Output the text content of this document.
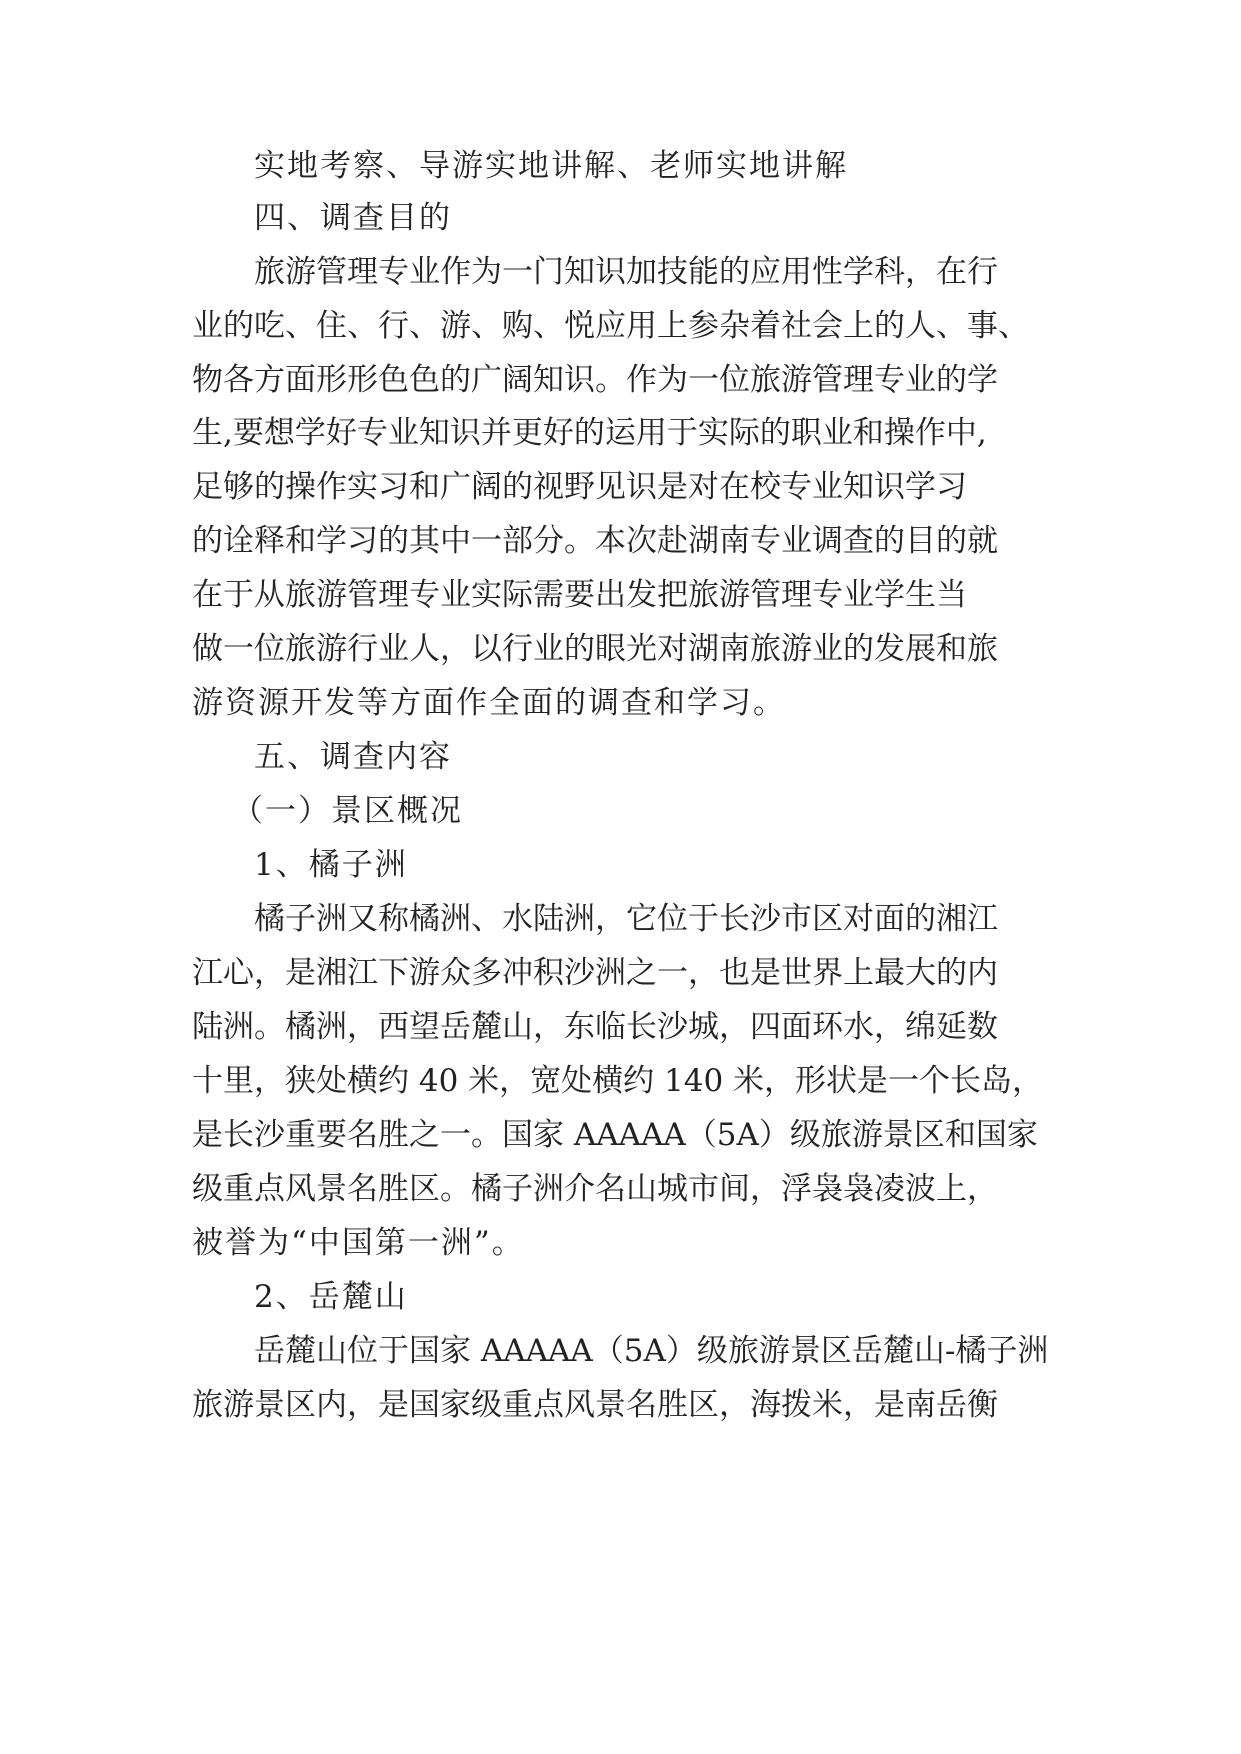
实地考察、导游实地讲解、老师实地讲解
四、调查目的
旅游管理专业作为一门知识加技能的应用性学科，在行
业的吃、住、行、游、购、悦应用上参杂着社会上的人、事、
物各方面形形色色的广阔知识。作为一位旅游管理专业的学
生,要想学好专业知识并更好的运用于实际的职业和操作中,
足够的操作实习和广阔的视野见识是对在校专业知识学习
的诠释和学习的其中一部分。本次赴湖南专业调查的目的就
在于从旅游管理专业实际需要出发把旅游管理专业学生当
做一位旅游行业人，以行业的眼光对湖南旅游业的发展和旅
游资源开发等方面作全面的调查和学习。
五、调查内容
（一）景区概况
1、橘子洲
橘子洲又称橘洲、水陆洲，它位于长沙市区对面的湘江
江心，是湘江下游众多冲积沙洲之一，也是世界上最大的内
陆洲。橘洲，西望岳麓山，东临长沙城，四面环水，绵延数
十里，狭处横约 40 米，宽处横约 140 米，形状是一个长岛，
是长沙重要名胜之一。国家 AAAAA（5A）级旅游景区和国家
级重点风景名胜区。橘子洲介名山城市间，浮袅袅凌波上，
被誉为“中国第一洲”。
2、岳麓山
岳麓山位于国家 AAAAA（5A）级旅游景区岳麓山-橘子洲
旅游景区内，是国家级重点风景名胜区，海拨米，是南岳衡
